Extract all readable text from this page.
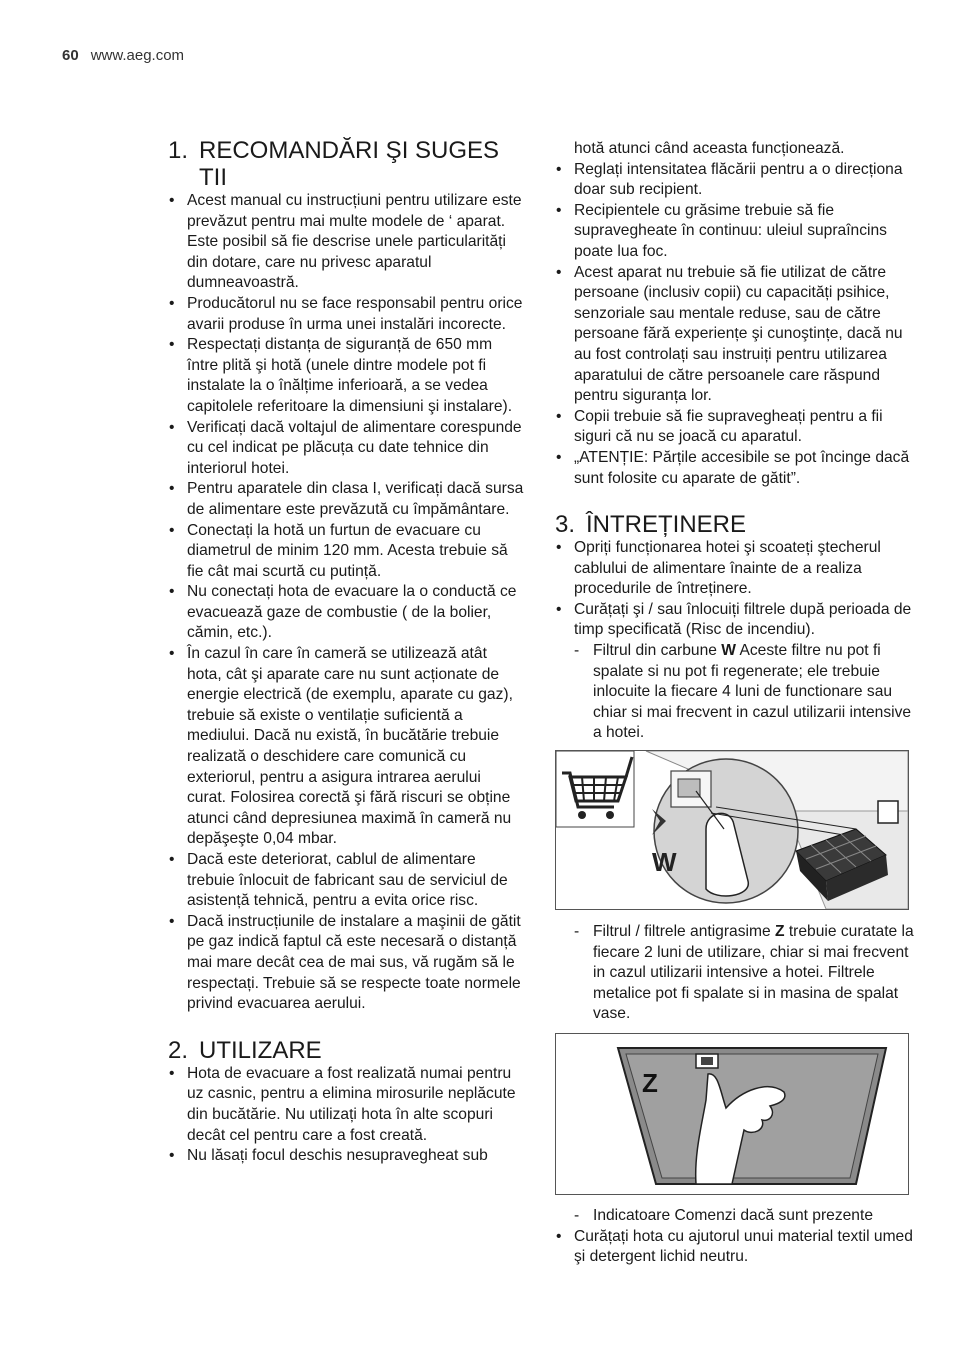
60 www.aeg.com
1. RECOMANDĂRI ŞI SUGES TII
• Acest manual cu instrucțiuni pentru utilizare este prevăzut pentru mai multe modele de ‘ aparat. Este posibil să fie descrise unele particularități din dotare, care nu privesc aparatul dumneavoastră.
• Producătorul nu se face responsabil pentru orice avarii produse în urma unei instalări incorecte.
• Respectați distanța de siguranță de 650 mm între plită şi hotă (unele dintre modele pot fi instalate la o înălțime inferioară, a se vedea capitolele referitoare la dimensiuni şi instalare).
• Verificați dacă voltajul de alimentare corespunde cu cel indicat pe plăcuța cu date tehnice din interiorul hotei.
• Pentru aparatele din clasa I, verificați dacă sursa de alimentare este prevăzută cu împământare.
• Conectați la hotă un furtun de evacuare cu diametrul de minim 120 mm. Acesta trebuie să fie cât mai scurtă cu putință.
• Nu conectați hota de evacuare la o conductă ce evacuează gaze de combustie ( de la bolier, cămin, etc.).
• În cazul în care în cameră se utilizează atât hota, cât şi aparate care nu sunt acționate de energie electrică (de exemplu, aparate cu gaz), trebuie să existe o ventilație suficientă a mediului. Dacă nu există, în bucătărie trebuie realizată o deschidere care comunică cu exteriorul, pentru a asigura intrarea aerului curat. Folosirea corectă şi fără riscuri se obține atunci când depresiunea maximă în cameră nu depăşeşte 0,04 mbar.
• Dacă este deteriorat, cablul de alimentare trebuie înlocuit de fabricant sau de serviciul de asistență tehnică, pentru a evita orice risc.
• Dacă instrucțiunile de instalare a maşinii de gătit pe gaz indică faptul că este necesară o distanță mai mare decât cea de mai sus, vă rugăm să le respectați. Trebuie să se respecte toate normele privind evacuarea aerului.
2. UTILIZARE
• Hota de evacuare a fost realizată numai pentru uz casnic, pentru a elimina mirosurile neplăcute din bucătărie. Nu utilizați hota în alte scopuri decât cel pentru care a fost creată.
• Nu lăsați focul deschis nesupravegheat sub
hotă atunci când aceasta funcționează.
• Reglați intensitatea flăcării pentru a o direcționa doar sub recipient.
• Recipientele cu grăsime trebuie să fie supravegheate în continuu: uleiul supraîncins poate lua foc.
• Acest aparat nu trebuie să fie utilizat de către persoane (inclusiv copii) cu capacități psihice, senzoriale sau mentale reduse, sau de către persoane fără experiențe şi cunoştințe, dacă nu au fost controlați sau instruiți pentru utilizarea aparatului de către persoanele care răspund pentru siguranța lor.
• Copii trebuie să fie supravegheați pentru a fii siguri că nu se joacă cu aparatul.
• „ATENȚIE: Părțile accesibile se pot încinge dacă sunt folosite cu aparate de gătit”.
3. ÎNTREȚINERE
• Opriți funcționarea hotei şi scoateți ştecherul cablului de alimentare înainte de a realiza procedurile de întreținere.
• Curățați şi / sau înlocuiți filtrele după perioada de timp specificată (Risc de incendiu).
- Filtrul din carbune W Aceste filtre nu pot fi spalate si nu pot fi regenerate; ele trebuie inlocuite la fiecare 4 luni de functionare sau chiar si mai frecvent in cazul utilizarii intensive a hotei.
W
- Filtrul / filtrele antigrasime Z trebuie curatate la fiecare 2 luni de utilizare, chiar si mai frecvent in cazul utilizarii intensive a hotei. Filtrele metalice pot fi spalate si in masina de spalat vase.
Z
- Indicatoare Comenzi dacă sunt prezente
• Curățați hota cu ajutorul unui material textil umed şi detergent lichid neutru.
